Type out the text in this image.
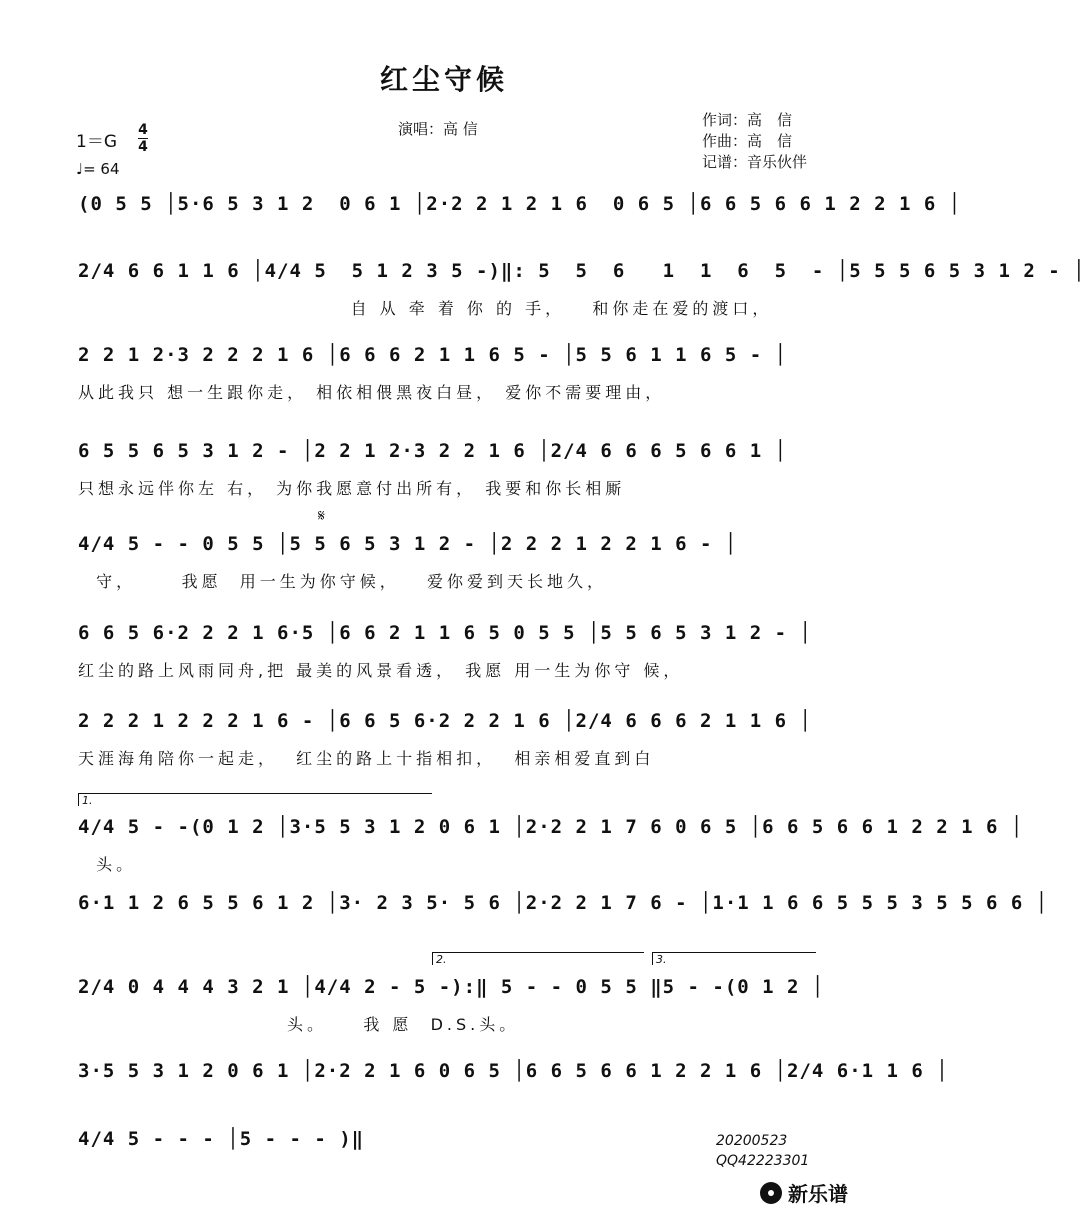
红尘守候
演唱：高 信	作词：高　信
作曲：高　信
记谱：音乐伙伴
1＝G
4
4
♩= 64
(0 5 5 │5·6 5 3 1 2  0 6 1 │2·2 2 1 2 1 6  0 6 5 │6 6 5 6 6 1 2 2 1 6 │
2/4 6 6 1 1 6 │4/4 5  5 1 2 3 5 -)‖: 5  5  6   1  1  6  5  - │5 5 5 6 5 3 1 2 - │
自 从 牵 着 你 的 手，   和你走在爱的渡口，
2 2 1 2·3 2 2 2 1 6 │6 6 6 2 1 1 6 5 - │5 5 6 1 1 6 5 - │
从此我只 想一生跟你走， 相依相偎黑夜白昼， 爱你不需要理由，
6 5 5 6 5 3 1 2 - │2 2 1 2·3 2 2 1 6 │2/4 6 6 6 5 6 6 1 │
只想永远伴你左 右， 为你我愿意付出所有， 我要和你长相厮
𝄋
4/4 5 - - 0 5 5 │5 5 6 5 3 1 2 - │2 2 2 1 2 2 1 6 - │
守，     我愿  用一生为你守候，   爱你爱到天长地久，
6 6 5 6·2 2 2 1 6·5 │6 6 2 1 1 6 5 0 5 5 │5 5 6 5 3 1 2 - │
红尘的路上风雨同舟,把 最美的风景看透， 我愿 用一生为你守 候，
2 2 2 1 2 2 2 1 6 - │6 6 5 6·2 2 2 1 6 │2/4 6 6 6 2 1 1 6 │
天涯海角陪你一起走，  红尘的路上十指相扣，  相亲相爱直到白
1.
4/4 5 - -(0 1 2 │3·5 5 3 1 2 0 6 1 │2·2 2 1 7 6 0 6 5 │6 6 5 6 6 1 2 2 1 6 │
头。
6·1 1 2 6 5 5 6 1 2 │3· 2 3 5· 5 6 │2·2 2 1 7 6 - │1·1 1 6 6 5 5 5 3 5 5 6 6 │
2.	3.
2/4 0 4 4 4 3 2 1 │4/4 2 - 5 -):‖ 5 - - 0 5 5 ‖5 - -(0 1 2 │
头。    我 愿  D.S.头。
3·5 5 3 1 2 0 6 1 │2·2 2 1 6 0 6 5 │6 6 5 6 6 1 2 2 1 6 │2/4 6·1 1 6 │
4/4 5 - - - │5 - - - )‖	20200523
QQ42223301
新乐谱
